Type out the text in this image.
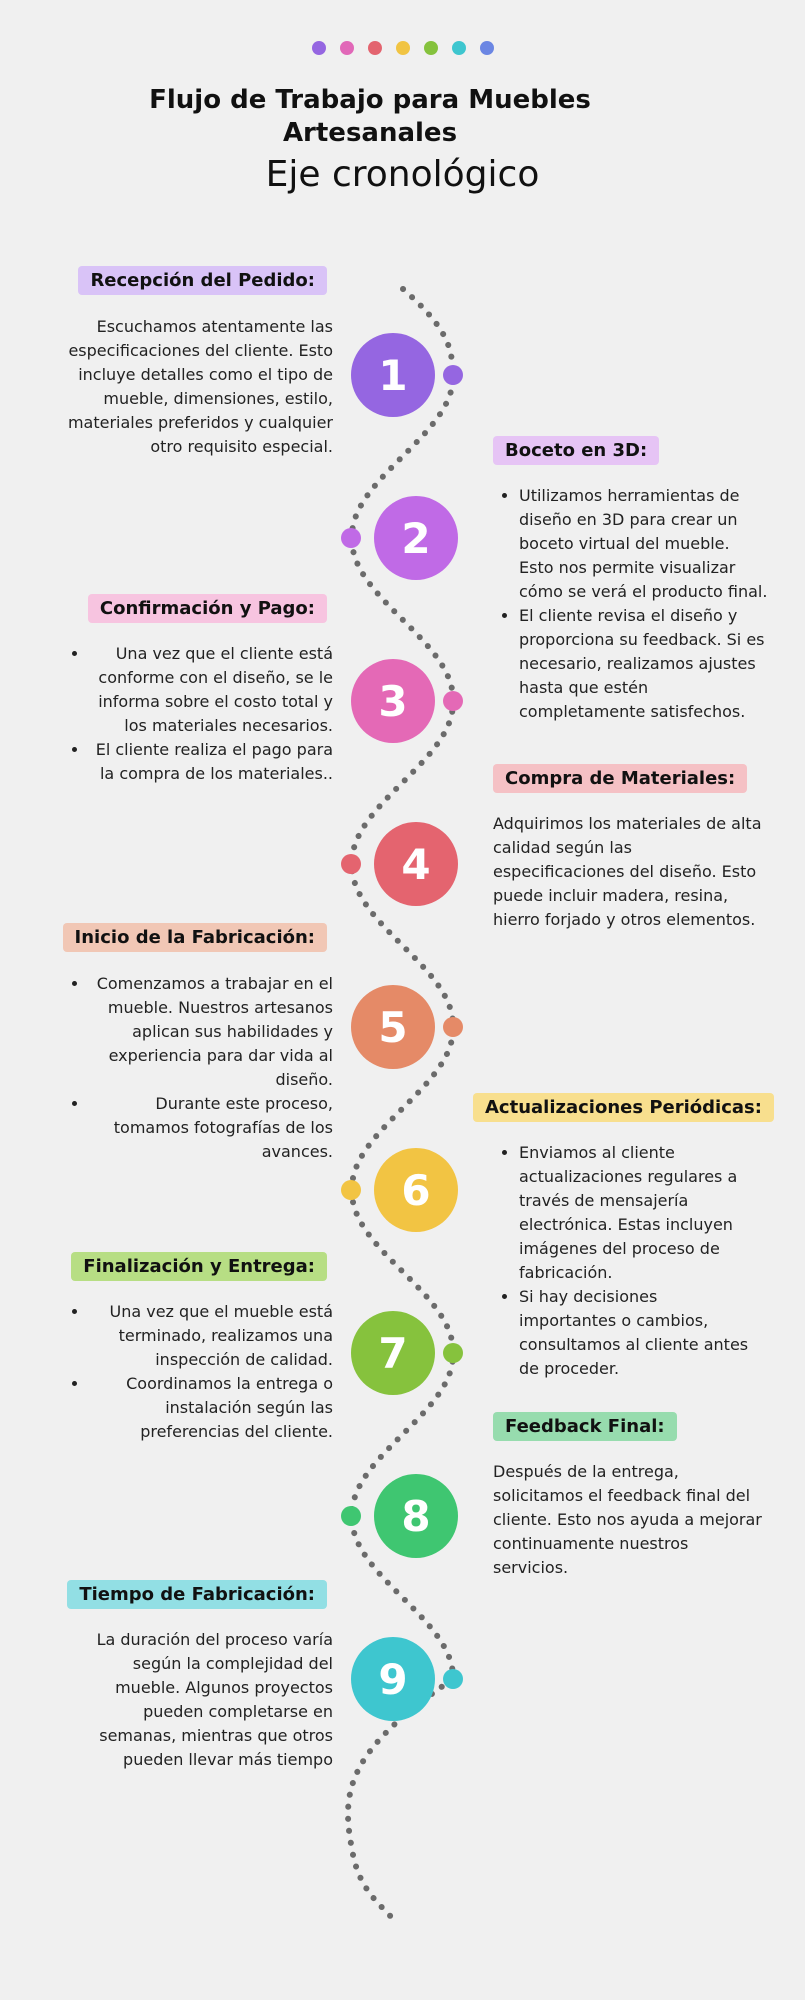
Flujo de Trabajo para Muebles Artesanales
Eje cronológico
1
Recepción del Pedido:

Escuchamos atentamente las especificaciones del cliente. Esto incluye detalles como el tipo de mueble, dimensiones, estilo, materiales preferidos y cualquier otro requisito especial.

2
Boceto en 3D:
• Utilizamos herramientas de diseño en 3D para crear un boceto virtual del mueble. Esto nos permite visualizar cómo se verá el producto final.
• El cliente revisa el diseño y proporciona su feedback. Si es necesario, realizamos ajustes hasta que estén completamente satisfechos.
3
Confirmación y Pago:
• Una vez que el cliente está conforme con el diseño, se le informa sobre el costo total y los materiales necesarios.
• El cliente realiza el pago para la compra de los materiales..
4
Compra de Materiales:

Adquirimos los materiales de alta calidad según las especificaciones del diseño. Esto puede incluir madera, resina, hierro forjado y otros elementos.

5
Inicio de la Fabricación:
• Comenzamos a trabajar en el mueble. Nuestros artesanos aplican sus habilidades y experiencia para dar vida al diseño.
• Durante este proceso, tomamos fotografías de los avances.
6
Actualizaciones Periódicas:
• Enviamos al cliente actualizaciones regulares a través de mensajería electrónica. Estas incluyen imágenes del proceso de fabricación.
• Si hay decisiones importantes o cambios, consultamos al cliente antes de proceder.
7
Finalización y Entrega:
• Una vez que el mueble está terminado, realizamos una inspección de calidad.
• Coordinamos la entrega o instalación según las preferencias del cliente.
8
Feedback Final:

Después de la entrega, solicitamos el feedback final del cliente. Esto nos ayuda a mejorar continuamente nuestros servicios.

9
Tiempo de Fabricación:

La duración del proceso varía según la complejidad del mueble. Algunos proyectos pueden completarse en semanas, mientras que otros pueden llevar más tiempo
